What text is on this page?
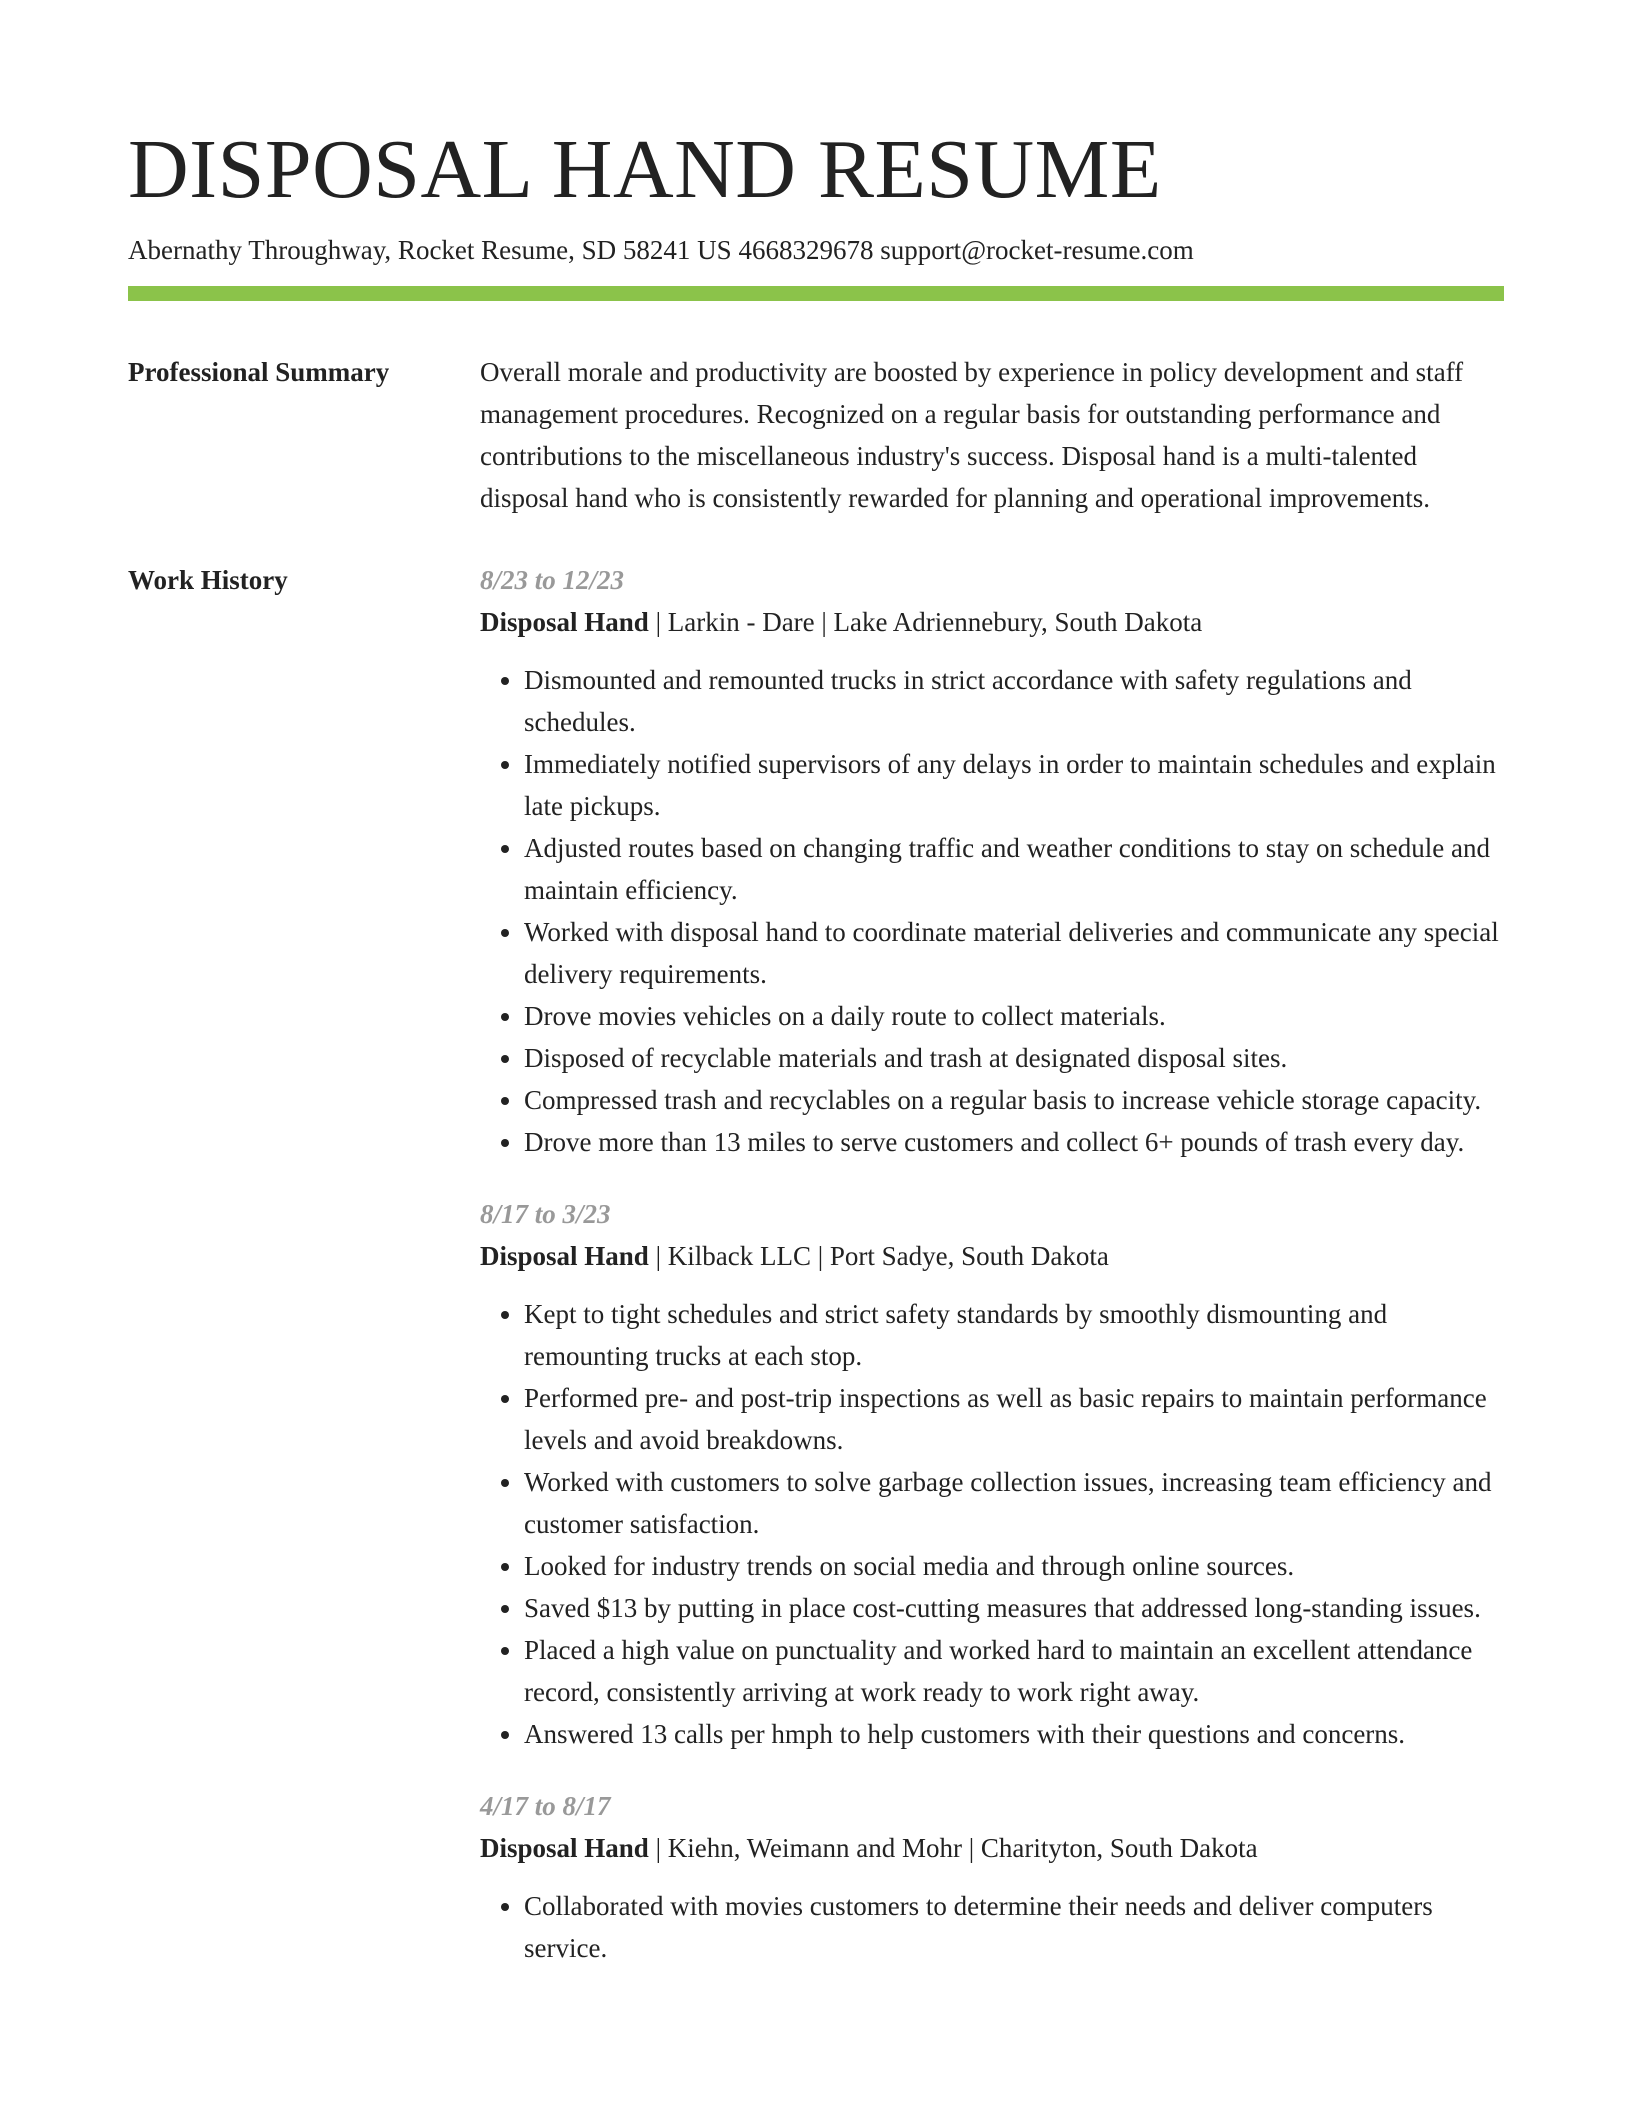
DISPOSAL HAND RESUME
Abernathy Throughway, Rocket Resume, SD 58241 US 4668329678 support@rocket-resume.com
Professional Summary	Overall morale and productivity are boosted by experience in policy development and staff management procedures. Recognized on a regular basis for outstanding performance and contributions to the miscellaneous industry's success. Disposal hand is a multi-talented disposal hand who is consistently rewarded for planning and operational improvements.

Work History	8/23 to 12/23
Disposal Hand | Larkin - Dare | Lake Adriennebury, South Dakota
• Dismounted and remounted trucks in strict accordance with safety regulations and schedules.
• Immediately notified supervisors of any delays in order to maintain schedules and explain late pickups.
• Adjusted routes based on changing traffic and weather conditions to stay on schedule and maintain efficiency.
• Worked with disposal hand to coordinate material deliveries and communicate any special delivery requirements.
• Drove movies vehicles on a daily route to collect materials.
• Disposed of recyclable materials and trash at designated disposal sites.
• Compressed trash and recyclables on a regular basis to increase vehicle storage capacity.
• Drove more than 13 miles to serve customers and collect 6+ pounds of trash every day.
8/17 to 3/23
Disposal Hand | Kilback LLC | Port Sadye, South Dakota
• Kept to tight schedules and strict safety standards by smoothly dismounting and remounting trucks at each stop.
• Performed pre- and post-trip inspections as well as basic repairs to maintain performance levels and avoid breakdowns.
• Worked with customers to solve garbage collection issues, increasing team efficiency and customer satisfaction.
• Looked for industry trends on social media and through online sources.
• Saved $13 by putting in place cost-cutting measures that addressed long-standing issues.
• Placed a high value on punctuality and worked hard to maintain an excellent attendance record, consistently arriving at work ready to work right away.
• Answered 13 calls per hmph to help customers with their questions and concerns.
4/17 to 8/17
Disposal Hand | Kiehn, Weimann and Mohr | Charityton, South Dakota
• Collaborated with movies customers to determine their needs and deliver computers service.
